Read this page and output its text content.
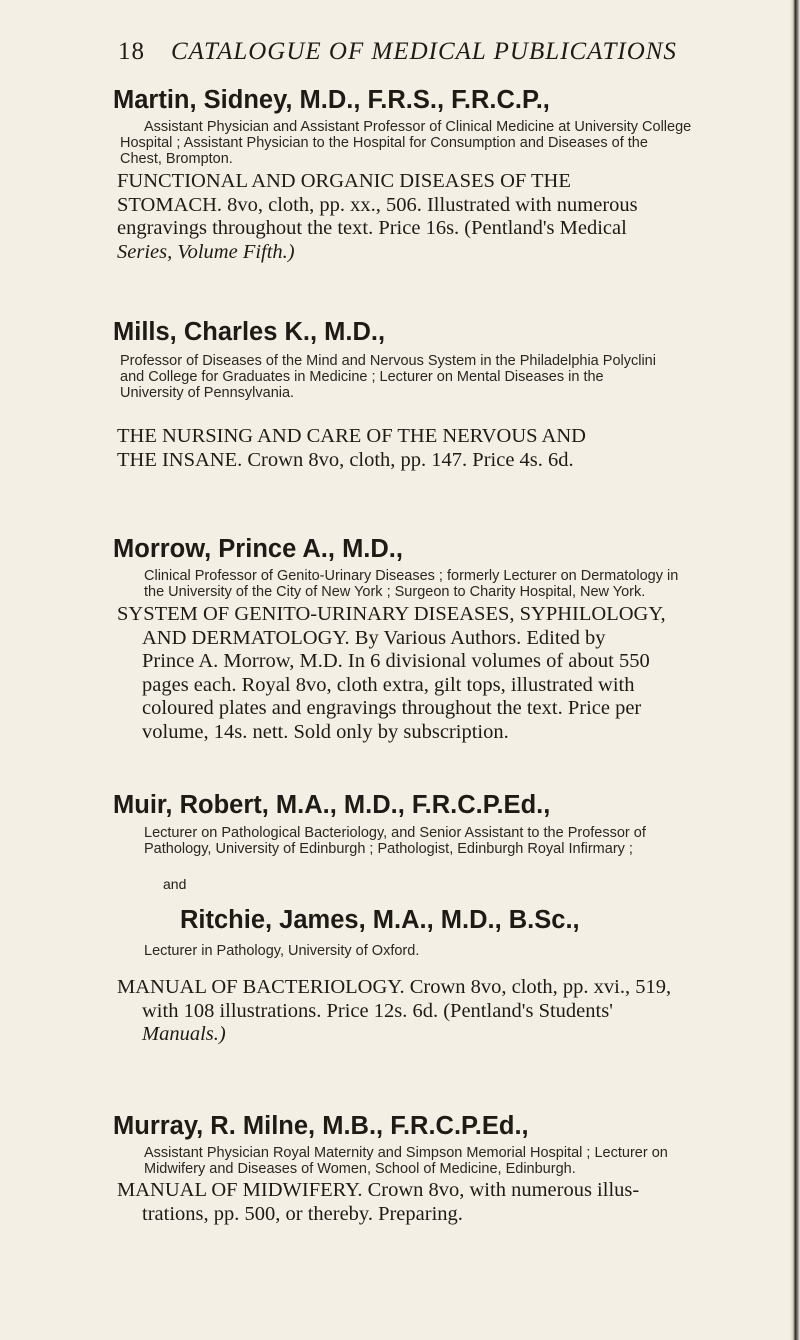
18 CATALOGUE OF MEDICAL PUBLICATIONS
Martin, Sidney, M.D., F.R.S., F.R.C.P.,
Assistant Physician and Assistant Professor of Clinical Medicine at University College
Hospital ; Assistant Physician to the Hospital for Consumption and Diseases of the
Chest, Brompton.
FUNCTIONAL AND ORGANIC DISEASES OF THE
STOMACH. 8vo, cloth, pp. xx., 506. Illustrated with numerous
engravings throughout the text. Price 16s. (Pentland's Medical
Series, Volume Fifth.)
Mills, Charles K., M.D.,
Professor of Diseases of the Mind and Nervous System in the Philadelphia Polyclini
and College for Graduates in Medicine ; Lecturer on Mental Diseases in the
University of Pennsylvania.
THE NURSING AND CARE OF THE NERVOUS AND
THE INSANE. Crown 8vo, cloth, pp. 147. Price 4s. 6d.
Morrow, Prince A., M.D.,
Clinical Professor of Genito-Urinary Diseases ; formerly Lecturer on Dermatology in
the University of the City of New York ; Surgeon to Charity Hospital, New York.
SYSTEM OF GENITO-URINARY DISEASES, SYPHILOLOGY,
AND DERMATOLOGY. By Various Authors. Edited by
Prince A. Morrow, M.D. In 6 divisional volumes of about 550
pages each. Royal 8vo, cloth extra, gilt tops, illustrated with
coloured plates and engravings throughout the text. Price per
volume, 14s. nett. Sold only by subscription.
Muir, Robert, M.A., M.D., F.R.C.P.Ed.,
Lecturer on Pathological Bacteriology, and Senior Assistant to the Professor of
Pathology, University of Edinburgh ; Pathologist, Edinburgh Royal Infirmary ;
and
Ritchie, James, M.A., M.D., B.Sc.,
Lecturer in Pathology, University of Oxford.
MANUAL OF BACTERIOLOGY. Crown 8vo, cloth, pp. xvi., 519,
with 108 illustrations. Price 12s. 6d. (Pentland's Students'
Manuals.)
Murray, R. Milne, M.B., F.R.C.P.Ed.,
Assistant Physician Royal Maternity and Simpson Memorial Hospital ; Lecturer on
Midwifery and Diseases of Women, School of Medicine, Edinburgh.
MANUAL OF MIDWIFERY. Crown 8vo, with numerous illus-
trations, pp. 500, or thereby. Preparing.
